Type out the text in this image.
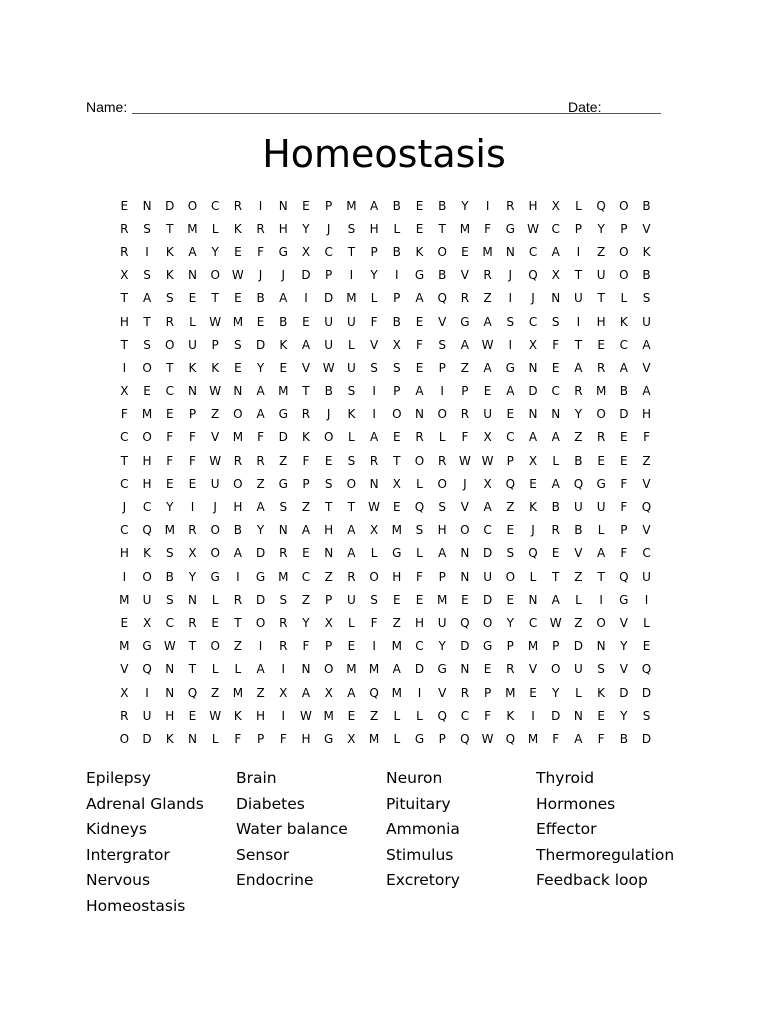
Name:	Date:
Homeostasis
E	N	D	O	C	R	I	N	E	P	M	A	B	E	B	Y	I	R	H	X	L	Q	O	B
R	S	T	M	L	K	R	H	Y	J	S	H	L	E	T	M	F	G	W	C	P	Y	P	V
R	I	K	A	Y	E	F	G	X	C	T	P	B	K	O	E	M	N	C	A	I	Z	O	K
X	S	K	N	O	W	J	J	D	P	I	Y	I	G	B	V	R	J	Q	X	T	U	O	B
T	A	S	E	T	E	B	A	I	D	M	L	P	A	Q	R	Z	I	J	N	U	T	L	S
H	T	R	L	W M	E	B	E	U	U	F	B	E	V	G	A	S	C	S	I	H	K	U
T	S	O	U	P	S	D	K	A	U	L	V	X	F	S	A	W	I	X	F	T	E	C	A
I	O	T	K	K	E	Y	E	V	W	U	S	S	E	P	Z	A	G	N	E	A	R	A	V
X	E	C	N	W	N	A	M	T	B	S	I	P	A	I	P	E	A	D	C	R	M	B	A
F	M	E	P	Z	O	A	G	R	J	K	I	O	N	O	R	U	E	N	N	Y	O	D	H
C	O	F	F	V	M	F	D	K	O	L	A	E	R	L	F	X	C	A	A	Z	R	E	F
T	H	F	F	W	R	R	Z	F	E	S	R	T	O	R	W W	P	X	L	B	E	E	Z
C	H	E	E	U	O	Z	G	P	S	O	N	X	L	O	J	X	Q	E	A	Q	G	F	V
J	C	Y	I	J	H	A	S	Z	T	T	W	E	Q	S	V	A	Z	K	B	U	U	F	Q
C	Q	M	R	O	B	Y	N	A	H	A	X	M	S	H	O	C	E	J	R	B	L	P	V
H	K	S	X	O	A	D	R	E	N	A	L	G	L	A	N	D	S	Q	E	V	A	F	C
I	O	B	Y	G	I	G	M	C	Z	R	O	H	F	P	N	U	O	L	T	Z	T	Q	U
M	U	S	N	L	R	D	S	Z	P	U	S	E	E	M	E	D	E	N	A	L	I	G	I
E	X	C	R	E	T	O	R	Y	X	L	F	Z	H	U	Q	O	Y	C	W	Z	O	V	L
M	G	W	T	O	Z	I	R	F	P	E	I	M	C	Y	D	G	P	M	P	D	N	Y	E
V	Q	N	T	L	L	A	I	N	O	M	M	A	D	G	N	E	R	V	O	U	S	V	Q
X	I	N	Q	Z	M	Z	X	A	X	A	Q	M	I	V	R	P	M	E	Y	L	K	D	D
R	U	H	E	W	K	H	I	W M	E	Z	L	L	Q	C	F	K	I	D	N	E	Y	S
O	D	K	N	L	F	P	F	H	G	X	M	L	G	P	Q	W	Q	M	F	A	F	B	D
Epilepsy	Brain	Neuron	Thyroid
Adrenal Glands	Diabetes	Pituitary	Hormones
Kidneys	Water balance	Ammonia	Effector
Intergrator	Sensor	Stimulus	Thermoregulation
Nervous	Endocrine	Excretory	Feedback loop
Homeostasis
